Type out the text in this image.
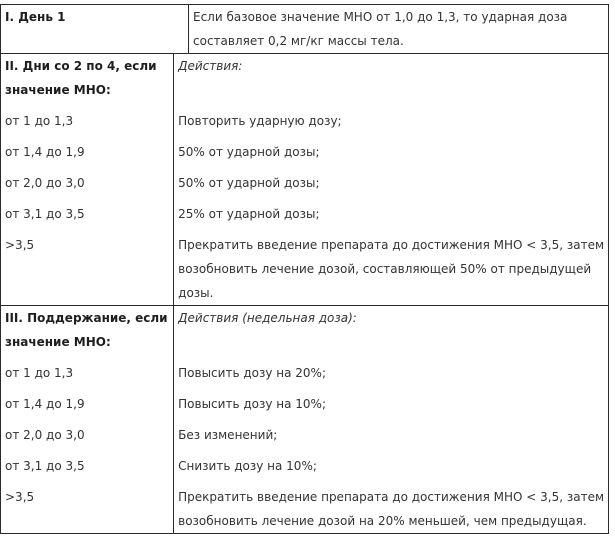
I. День 1	Если базовое значение МНО от 1,0 до 1,3, то ударная доза
составляет 0,2 мг/кг массы тела.
II. Дни со 2 по 4, если
значение МНО:
от 1 до 1,3
от 1,4 до 1,9
от 2,0 до 3,0
от 3,1 до 3,5
>3,5
Действия:
Повторить ударную дозу;
50% от ударной дозы;
50% от ударной дозы;
25% от ударной дозы;
Прекратить введение препарата до достижения МНО < 3,5, затем
возобновить лечение дозой, составляющей 50% от предыдущей
дозы.
III. Поддержание, если
значение МНО:
от 1 до 1,3
от 1,4 до 1,9
от 2,0 до 3,0
от 3,1 до 3,5
>3,5
Действия (недельная доза):
Повысить дозу на 20%;
Повысить дозу на 10%;
Без изменений;
Снизить дозу на 10%;
Прекратить введение препарата до достижения МНО < 3,5, затем
возобновить лечение дозой на 20% меньшей, чем предыдущая.
